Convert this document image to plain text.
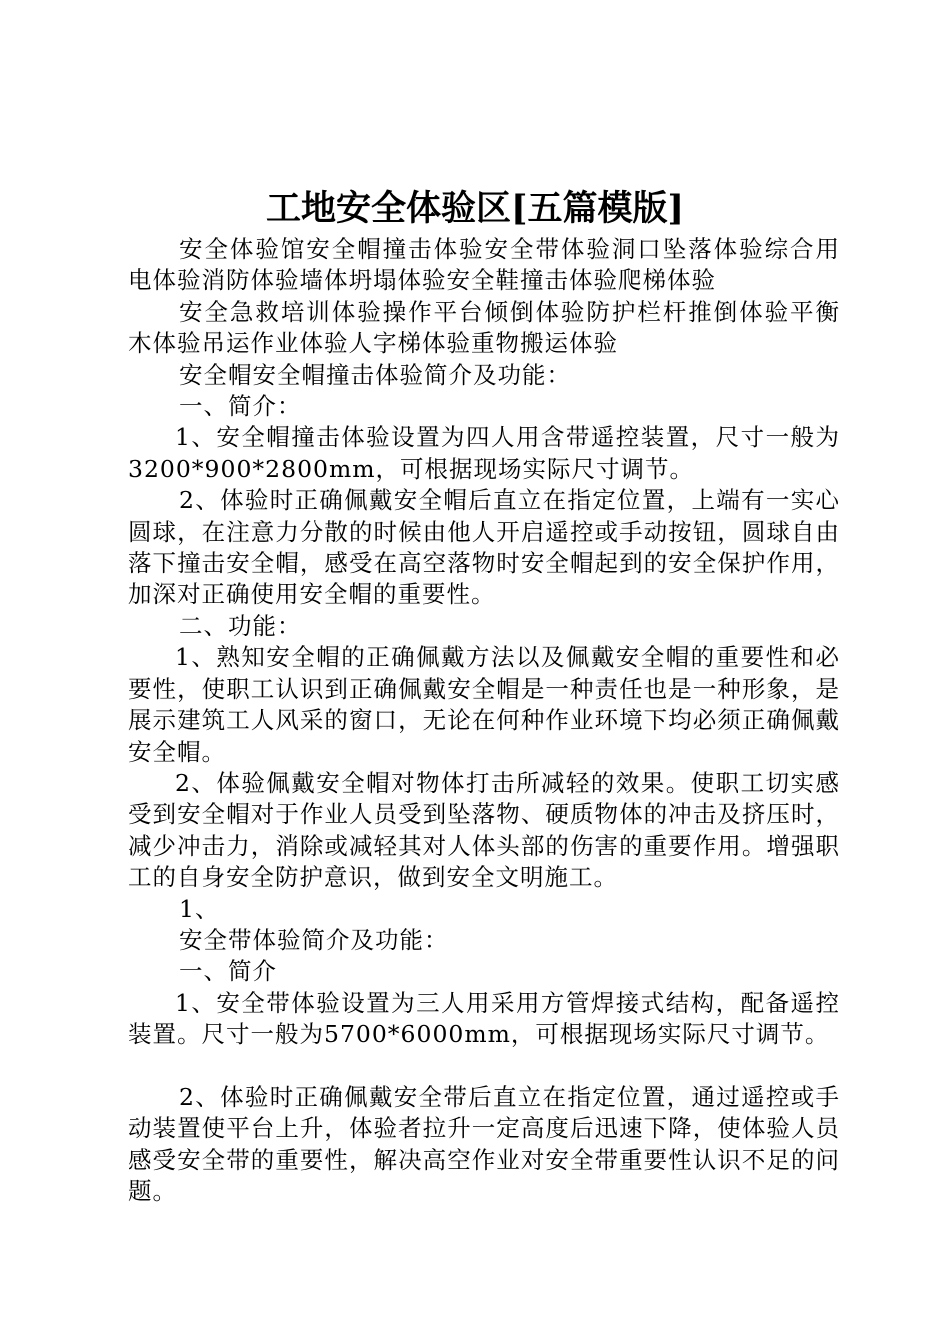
工地安全体验区[五篇模版]

安全体验馆安全帽撞击体验安全带体验洞口坠落体验综合用电体验消防体验墙体坍塌体验安全鞋撞击体验爬梯体验

安全急救培训体验操作平台倾倒体验防护栏杆推倒体验平衡木体验吊运作业体验人字梯体验重物搬运体验

安全帽安全帽撞击体验简介及功能：

一、简介：

1、安全帽撞击体验设置为四人用含带遥控装置，尺寸一般为3200*900*2800mm，可根据现场实际尺寸调节。

2、体验时正确佩戴安全帽后直立在指定位置，上端有一实心圆球，在注意力分散的时候由他人开启遥控或手动按钮，圆球自由落下撞击安全帽，感受在高空落物时安全帽起到的安全保护作用，加深对正确使用安全帽的重要性。

二、功能：

1、熟知安全帽的正确佩戴方法以及佩戴安全帽的重要性和必要性，使职工认识到正确佩戴安全帽是一种责任也是一种形象，是展示建筑工人风采的窗口，无论在何种作业环境下均必须正确佩戴安全帽。

2、体验佩戴安全帽对物体打击所减轻的效果。使职工切实感受到安全帽对于作业人员受到坠落物、硬质物体的冲击及挤压时，减少冲击力，消除或减轻其对人体头部的伤害的重要作用。增强职工的自身安全防护意识，做到安全文明施工。

1、

安全带体验简介及功能：

一、简介

1、安全带体验设置为三人用采用方管焊接式结构，配备遥控装置。尺寸一般为5700*6000mm，可根据现场实际尺寸调节。

2、体验时正确佩戴安全带后直立在指定位置，通过遥控或手动装置使平台上升，体验者拉升一定高度后迅速下降，使体验人员感受安全带的重要性，解决高空作业对安全带重要性认识不足的问题。
